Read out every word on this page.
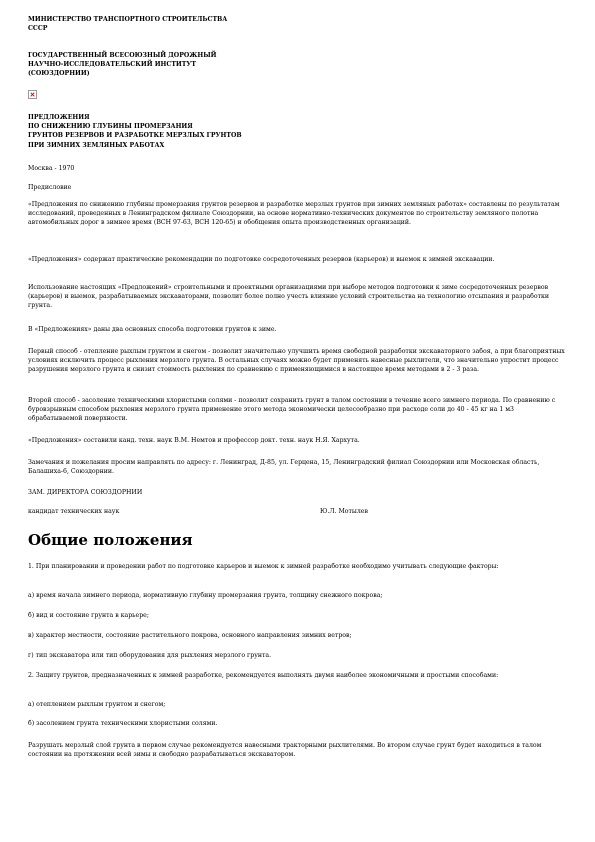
МИНИСТЕРСТВО ТРАНСПОРТНОГО СТРОИТЕЛЬСТВА
СССР
ГОСУДАРСТВЕННЫЙ ВСЕСОЮЗНЫЙ ДОРОЖНЫЙ
НАУЧНО-ИССЛЕДОВАТЕЛЬСКИЙ ИНСТИТУТ
(СОЮЗДОРНИИ)
ПРЕДЛОЖЕНИЯ
ПО СНИЖЕНИЮ ГЛУБИНЫ ПРОМЕРЗАНИЯ
ГРУНТОВ РЕЗЕРВОВ И РАЗРАБОТКЕ МЕРЗЛЫХ ГРУНТОВ
ПРИ ЗИМНИХ ЗЕМЛЯНЫХ РАБОТАХ
Москва - 1970
Предисловие
«Предложения по снижению глубины промерзания грунтов резервов и разработке мерзлых грунтов при зимних земляных работах» составлены по результатам исследований, проведенных в Ленинградском филиале Союздорнии, на основе нормативно-технических документов по строительству земляного полотна автомобильных дорог в зимнее время (ВСН 97-63, ВСН 120-65) и обобщения опыта производственных организаций.
«Предложения» содержат практические рекомендации по подготовке сосредоточенных резервов (карьеров) и выемок к зимней экскавации.
Использование настоящих «Предложений» строительными и проектными организациями при выборе методов подготовки к зиме сосредоточенных резервов (карьеров) и выемок, разрабатываемых экскаваторами, позволит более полно учесть влияние условий строительства на технологию отсыпания и разработки грунта.
В «Предложениях» даны два основных способа подготовки грунтов к зиме.
Первый способ - отепление рыхлым грунтом и снегом - позволит значительно улучшить время свободной разработки экскаваторного забоя, а при благоприятных условиях исключить процесс рыхления мерзлого грунта. В остальных случаях можно будет применять навесные рыхлители, что значительно упростит процесс разрушения мерзлого грунта и снизит стоимость рыхления по сравнению с применяющимися в настоящее время методами в 2 - 3 раза.
Второй способ - засоление техническими хлористыми солями - позволит сохранить грунт в талом состоянии в течение всего зимнего периода. По сравнению с буровзрывным способом рыхления мерзлого грунта применение этого метода экономически целесообразно при расходе соли до 40 - 45 кг на 1 м3 обрабатываемой поверхности.
«Предложения» составили канд. техн. наук В.М. Немтов и профессор докт. техн. наук Н.Я. Хархута.
Замечания и пожелания просим направлять по адресу: г. Ленинград, Д-85, ул. Герцена, 15, Ленинградский филиал Союздорнии или Московская область, Балашиха-6, Союздорнии.
ЗАМ. ДИРЕКТОРА СОЮЗДОРНИИ
кандидат технических наук	Ю.Л. Мотылев
Общие положения
1. При планировании и проведении работ по подготовке карьеров и выемок к зимней разработке необходимо учитывать следующие факторы:
а) время начала зимнего периода, нормативную глубину промерзания грунта, толщину снежного покрова;
б) вид и состояние грунта в карьере;
в) характер местности, состояние растительного покрова, основного направления зимних ветров;
г) тип экскаватора или тип оборудования для рыхления мерзлого грунта.
2. Защиту грунтов, предназначенных к зимней разработке, рекомендуется выполнять двумя наиболее экономичными и простыми способами:
а) отеплением рыхлым грунтом и снегом;
б) засолением грунта техническими хлористыми солями.
Разрушать мерзлый слой грунта в первом случае рекомендуется навесными тракторными рыхлителями. Во втором случае грунт будет находиться в талом состоянии на протяжении всей зимы и свободно разрабатываться экскаватором.
